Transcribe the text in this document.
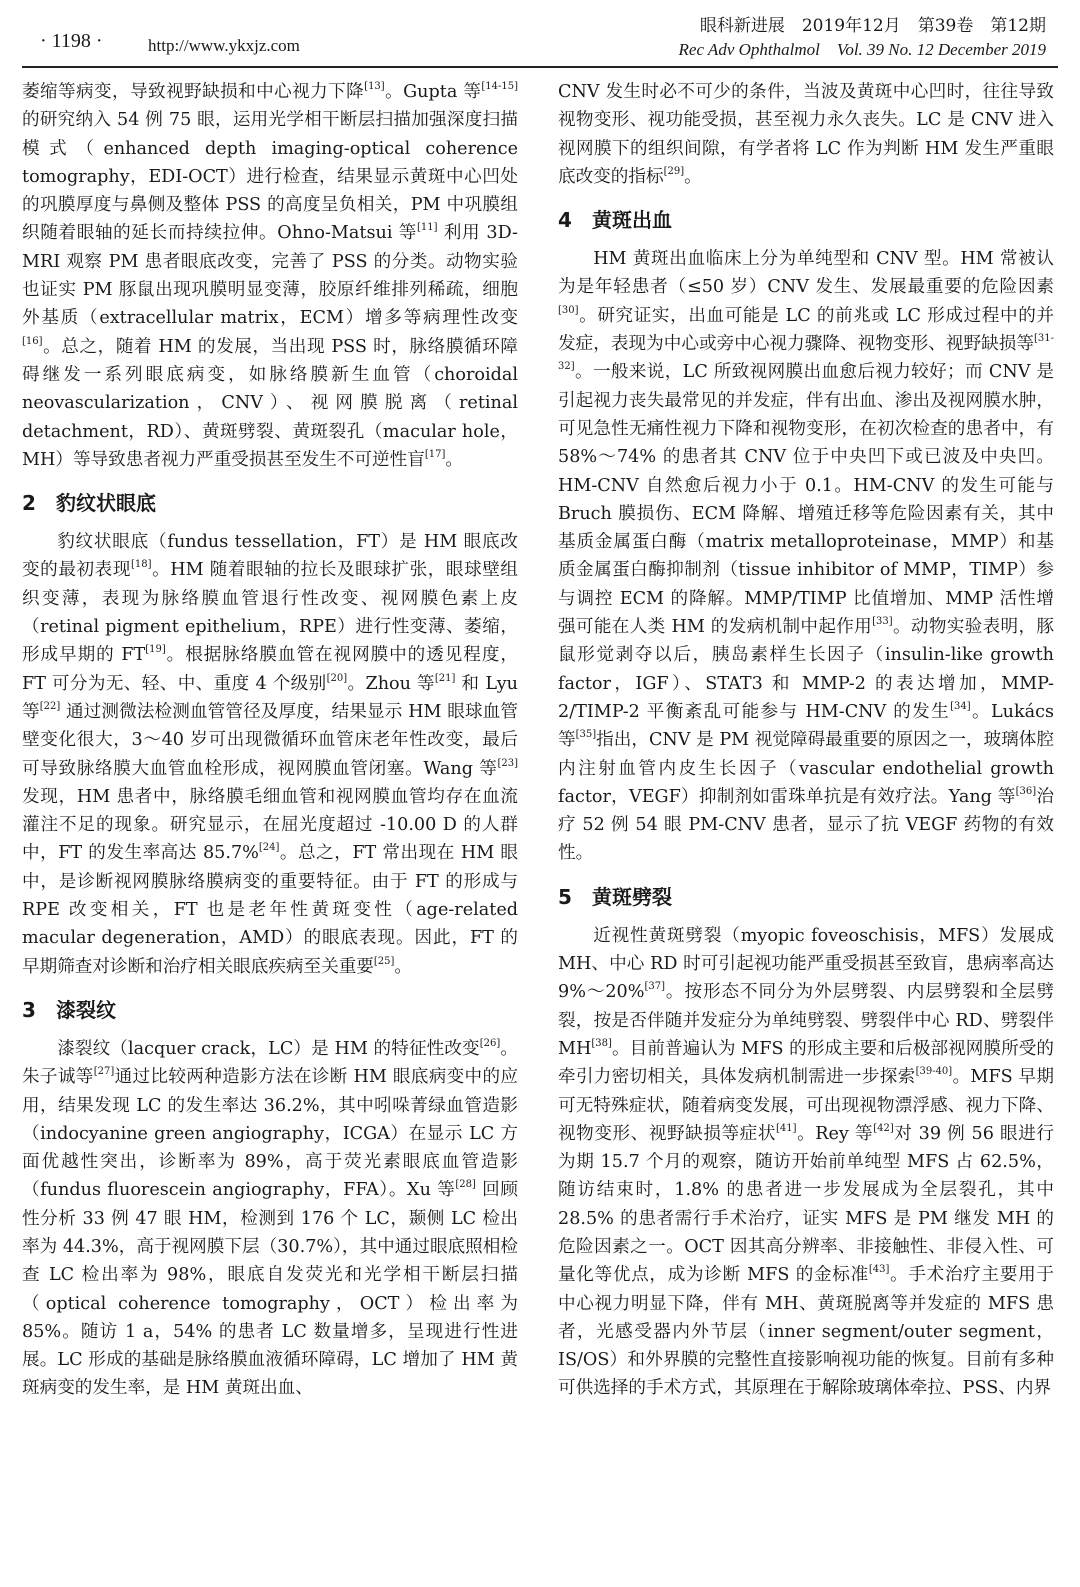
· 1198 ·	http://www.ykxjz.com
眼科新进展　2019年12月　第39卷　第12期
Rec Adv Ophthalmol　Vol. 39 No. 12 December 2019

萎缩等病变，导致视野缺损和中心视力下降[13]。Gupta 等[14-15]的研究纳入 54 例 75 眼，运用光学相干断层扫描加强深度扫描模式（enhanced depth imaging-optical coherence tomography，EDI-OCT）进行检查，结果显示黄斑中心凹处的巩膜厚度与鼻侧及整体 PSS 的高度呈负相关，PM 中巩膜组织随着眼轴的延长而持续拉伸。Ohno-Matsui 等[11] 利用 3D-MRI 观察 PM 患者眼底改变，完善了 PSS 的分类。动物实验也证实 PM 豚鼠出现巩膜明显变薄，胶原纤维排列稀疏，细胞外基质（extracellular matrix，ECM）增多等病理性改变[16]。总之，随着 HM 的发展，当出现 PSS 时，脉络膜循环障碍继发一系列眼底病变，如脉络膜新生血管（choroidal neovascularization，CNV）、视网膜脱离（retinal detachment，RD）、黄斑劈裂、黄斑裂孔（macular hole，MH）等导致患者视力严重受损甚至发生不可逆性盲[17]。

2 豹纹状眼底

豹纹状眼底（fundus tessellation，FT）是 HM 眼底改变的最初表现[18]。HM 随着眼轴的拉长及眼球扩张，眼球壁组织变薄，表现为脉络膜血管退行性改变、视网膜色素上皮（retinal pigment epithelium，RPE）进行性变薄、萎缩，形成早期的 FT[19]。根据脉络膜血管在视网膜中的透见程度，FT 可分为无、轻、中、重度 4 个级别[20]。Zhou 等[21] 和 Lyu 等[22] 通过测微法检测血管管径及厚度，结果显示 HM 眼球血管壁变化很大，3～40 岁可出现微循环血管床老年性改变，最后可导致脉络膜大血管血栓形成，视网膜血管闭塞。Wang 等[23]发现，HM 患者中，脉络膜毛细血管和视网膜血管均存在血流灌注不足的现象。研究显示，在屈光度超过 -10.00 D 的人群中，FT 的发生率高达 85.7%[24]。总之，FT 常出现在 HM 眼中，是诊断视网膜脉络膜病变的重要特征。由于 FT 的形成与 RPE 改变相关，FT 也是老年性黄斑变性（age-related macular degeneration，AMD）的眼底表现。因此，FT 的早期筛查对诊断和治疗相关眼底疾病至关重要[25]。

3 漆裂纹

漆裂纹（lacquer crack，LC）是 HM 的特征性改变[26]。朱子诚等[27]通过比较两种造影方法在诊断 HM 眼底病变中的应用，结果发现 LC 的发生率达 36.2%，其中吲哚菁绿血管造影（indocyanine green angiography，ICGA）在显示 LC 方面优越性突出，诊断率为 89%，高于荧光素眼底血管造影（fundus fluorescein angiography，FFA）。Xu 等[28] 回顾性分析 33 例 47 眼 HM，检测到 176 个 LC，颞侧 LC 检出率为 44.3%，高于视网膜下层（30.7%），其中通过眼底照相检查 LC 检出率为 98%，眼底自发荧光和光学相干断层扫描（optical coherence tomography，OCT）检出率为 85%。随访 1 a，54% 的患者 LC 数量增多，呈现进行性进展。LC 形成的基础是脉络膜血液循环障碍，LC 增加了 HM 黄斑病变的发生率，是 HM 黄斑出血、

CNV 发生时必不可少的条件，当波及黄斑中心凹时，往往导致视物变形、视功能受损，甚至视力永久丧失。LC 是 CNV 进入视网膜下的组织间隙，有学者将 LC 作为判断 HM 发生严重眼底改变的指标[29]。

4 黄斑出血

HM 黄斑出血临床上分为单纯型和 CNV 型。HM 常被认为是年轻患者（≤50 岁）CNV 发生、发展最重要的危险因素[30]。研究证实，出血可能是 LC 的前兆或 LC 形成过程中的并发症，表现为中心或旁中心视力骤降、视物变形、视野缺损等[31-32]。一般来说，LC 所致视网膜出血愈后视力较好；而 CNV 是引起视力丧失最常见的并发症，伴有出血、渗出及视网膜水肿，可见急性无痛性视力下降和视物变形，在初次检查的患者中，有 58%～74% 的患者其 CNV 位于中央凹下或已波及中央凹。HM-CNV 自然愈后视力小于 0.1。HM-CNV 的发生可能与 Bruch 膜损伤、ECM 降解、增殖迁移等危险因素有关，其中基质金属蛋白酶（matrix metalloproteinase，MMP）和基质金属蛋白酶抑制剂（tissue inhibitor of MMP，TIMP）参与调控 ECM 的降解。MMP/TIMP 比值增加、MMP 活性增强可能在人类 HM 的发病机制中起作用[33]。动物实验表明，豚鼠形觉剥夺以后，胰岛素样生长因子（insulin-like growth factor，IGF）、STAT3 和 MMP-2 的表达增加，MMP-2/TIMP-2 平衡紊乱可能参与 HM-CNV 的发生[34]。Lukács 等[35]指出，CNV 是 PM 视觉障碍最重要的原因之一，玻璃体腔内注射血管内皮生长因子（vascular endothelial growth factor，VEGF）抑制剂如雷珠单抗是有效疗法。Yang 等[36]治疗 52 例 54 眼 PM-CNV 患者，显示了抗 VEGF 药物的有效性。

5 黄斑劈裂

近视性黄斑劈裂（myopic foveoschisis，MFS）发展成 MH、中心 RD 时可引起视功能严重受损甚至致盲，患病率高达 9%～20%[37]。按形态不同分为外层劈裂、内层劈裂和全层劈裂，按是否伴随并发症分为单纯劈裂、劈裂伴中心 RD、劈裂伴 MH[38]。目前普遍认为 MFS 的形成主要和后极部视网膜所受的牵引力密切相关，具体发病机制需进一步探索[39-40]。MFS 早期可无特殊症状，随着病变发展，可出现视物漂浮感、视力下降、视物变形、视野缺损等症状[41]。Rey 等[42]对 39 例 56 眼进行为期 15.7 个月的观察，随访开始前单纯型 MFS 占 62.5%，随访结束时，1.8% 的患者进一步发展成为全层裂孔，其中 28.5% 的患者需行手术治疗，证实 MFS 是 PM 继发 MH 的危险因素之一。OCT 因其高分辨率、非接触性、非侵入性、可量化等优点，成为诊断 MFS 的金标准[43]。手术治疗主要用于中心视力明显下降，伴有 MH、黄斑脱离等并发症的 MFS 患者，光感受器内外节层（inner segment/outer segment，IS/OS）和外界膜的完整性直接影响视功能的恢复。目前有多种可供选择的手术方式，其原理在于解除玻璃体牵拉、PSS、内界
